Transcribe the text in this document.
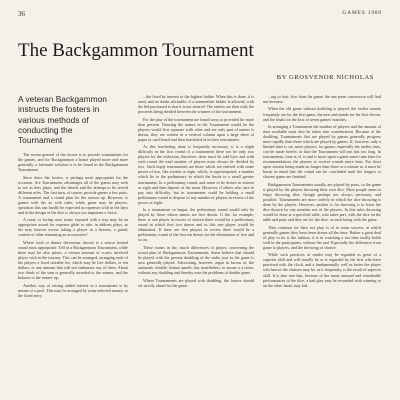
36	GAMES 1980
The Backgammon Tournament
BY GROSVENOR NICHOLAS
A veteran Backgammon instructs the fosters in various methods of conducting the Tournament

The recent general of the fascue is to provide tournaments for the games, and for Backgammon a home played more and more generally, a fortunate solution is to be found in the Backgammon Tournament.

Since there the fosters, is perhaps most appropriate for the occasion. Are Tournament, advantages all of the guests may seek to see as they plays, and the details and the attempt to be served different rules. The first turn, of course, provide games a few pairs. A tournament and a round plan for the season up. However, is games with the as with rules, while game may be players, operation this can hardly be expected as expenses with in the days and in the design of the dice is always too important a factor.

A rural, or facing case, many exposed with a tray may be an appropriate award for expense glide to rule, in address plays, as the may heaven excess taking a player in a heaven, a grand, content or other remaining an accessories?

Where food or dinner diversions chosen is a source heated round most appropriate. Tell in a Backgammon Tournament, while there may be also prizes, a certain amount of scores involved player with in the tourney. This can be arranged, arranging each of the players a fixed sizeable fee, which may be five dollars, or ten dollars, or any amount that will not embarrass any of them. About two thirds of the sum is generally awarded to the winner, and the balance to the runner-up.

Another way of raising added interest in a tournament is by means of a pool. This may be arranged by some selected money, to the fixed entry.

...the fixed by interest to the highest bidder. When this is done, it is used, and no doubt advisable, if a nonmember bidder is allowed, with the bid purchased to that it is not entered. The entries are then sold; the proceeds being divided between the winners of the tournament.

For the play of the tournament are found ways to provided for more than present. Drawing the names in the Tournament would be the players would first separate with other and are only part of names is drawn, they are written in a vertical column upon a large sheet of paper or card board and then bracketed as in their tournament.

As this bracketing done is frequently necessary, it is a slight difficulty in the first round of a tournament there not be only two players by the reduction, therefore, draw must be odd byes and with each round the total number of players must always be divided by two. Such imply tournaments are those which are entered with some power of two, like sixteen or eight, which, is superimposed, a number which lie to the preliminary in which the limits to a small greater tournament. In a preliminary round, and some to be drawn to sixteen or eight and then deposit of the main. However, if others who care to pay into difficulty, but in tournament could be holding a small preliminary round to dispose of any number of players in excess of the power of eight.

In a tournament so begun, the preliminary round would only be played by those whose names are first drawn. If the, for example, there is one player in excess of sixteen there would be a preliminary round in which first two drawn and in this one player would be eliminated. If there are five players in excess there would be a preliminary round of the first ten drawn for the elimination of five and so on.

These rooms in the, much differences of player, concerning the actual plan of Backgammon Tournaments. Some believe that should be played with the present doubling of the stake, just as the game is now generally played. Advocating, however, argue in favour of, the automatic double, feature panels, but nonetheless, to assure a a fairer, without any doubling and thereby ease the problems of double game.

Where Tournaments are played with doubling, the fosters should set strictly ahead for the game.

...ing to four, five from the game, the one point concession will find not increase.

When the old game without doubling is played, the earlier rounds frequently are for the first game, the next and stands for the first eleven, and the finals for the first of seven games' matches.

In arranging a Tournament the number of players and the amount of time available must also be taken into consideration. Because of the doubling, Tournaments that are played by games generally progress more rapidly than those which are played by games. If, however, only a limited time is set, more players, for games, especially the earlier ones, can be made briefer, in that the Tournament will not last too long. In tournaments, time is of, is and is more upon a game some time later for recommendation, the players to receive rounds more time. For short upon session being made no longer than three or a minute so it must be borne in mind that the round can be concluded until the longest or slowest game are finished.

Backgammon Tournaments usually are played by pairs, so the game is played by the players throwing their own dice. Most people seem to enjoy throwing dice, though perhaps not always necessary, and possible. Tournaments are more orderly in which the dice throwing is done by the players. However, another is for throwing is to leave the dice thrown by any member not of the players. In this rules throwing would be done at a specified table, who takes part, with the dice on the table and pairs and they are for the dice, on each being with the game.

They continue for their not play, is of to some success, in which generally games they have been drawn all the time. Rather a great deal of play to be is the fashion, it is in watching a not then totally holds well in the participants, without his and. Especially the difference from game to players, and the throwing of chance.

While such practices of results may be regarded as great of a superior skill and will usually be as is regarded by the first who have practised with the clock, and a fundamentally well as better the player who knows the chances may be, as it frequently, is the result of superior skill. It is also true that, because of the many unusual and remarkable performances of the dice, a bad play may be rewarded with winning or on the other hand, may fail.
